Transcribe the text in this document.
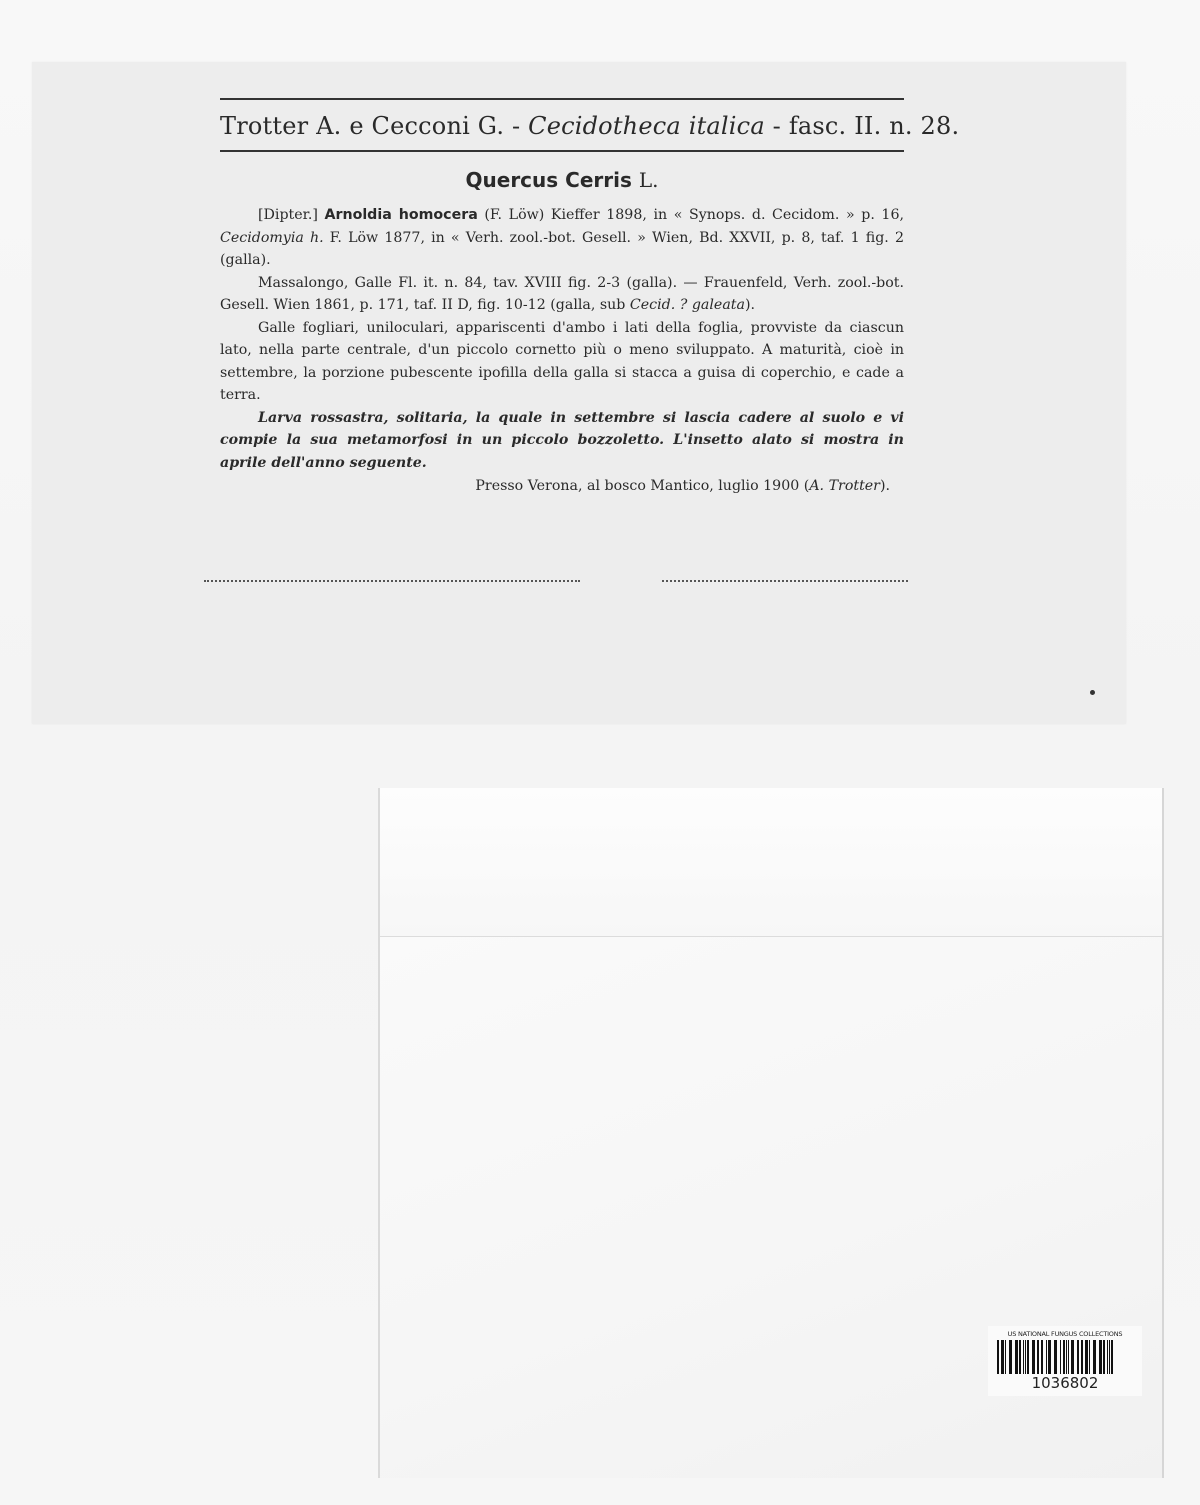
Trotter A. e Cecconi G. - Cecidotheca italica - fasc. II. n. 28.
Quercus Cerris L.

[Dipter.] Arnoldia homocera (F. Löw) Kieffer 1898, in « Synops. d. Cecidom. » p. 16, Cecidomyia h. F. Löw 1877, in « Verh. zool.-bot. Gesell. » Wien, Bd. XXVII, p. 8, taf. 1 fig. 2 (galla).

Massalongo, Galle Fl. it. n. 84, tav. XVIII fig. 2-3 (galla). — Frauenfeld, Verh. zool.-bot. Gesell. Wien 1861, p. 171, taf. II D, fig. 10-12 (galla, sub Cecid. ? galeata).

Galle fogliari, uniloculari, appariscenti d'ambo i lati della foglia, provviste da ciascun lato, nella parte centrale, d'un piccolo cornetto più o meno sviluppato. A maturità, cioè in settembre, la porzione pubescente ipofilla della galla si stacca a guisa di coperchio, e cade a terra.

Larva rossastra, solitaria, la quale in settembre si lascia cadere al suolo e vi compie la sua metamorfosi in un piccolo bozzoletto. L'insetto alato si mostra in aprile dell'anno seguente.

Presso Verona, al bosco Mantico, luglio 1900 (A. Trotter).
US NATIONAL FUNGUS COLLECTIONS
1036802
